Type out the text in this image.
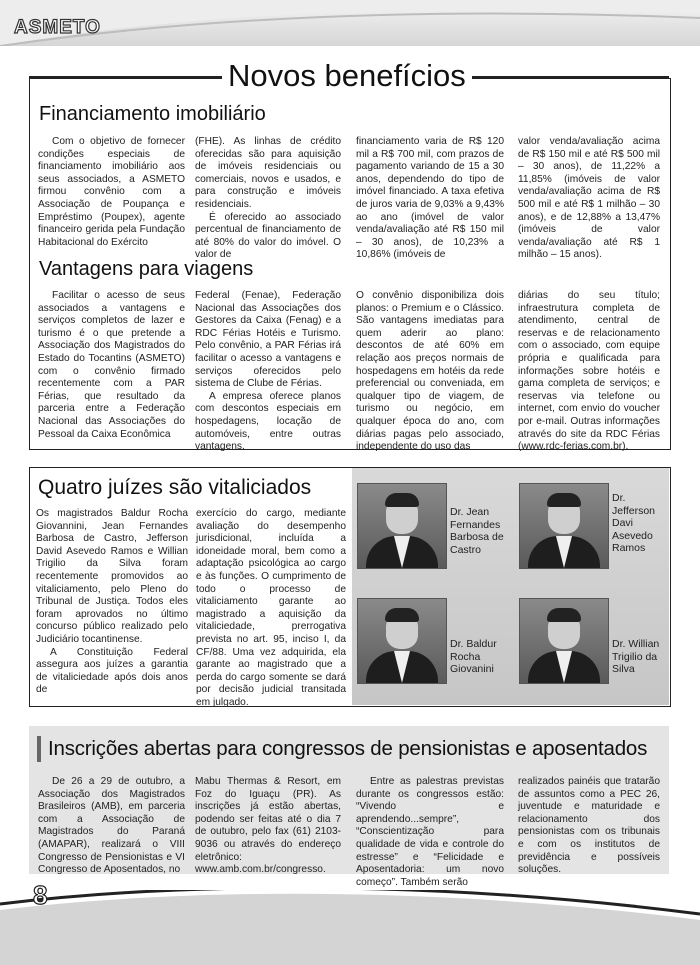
ASMETO
Novos benefícios
Financiamento imobiliário

Com o objetivo de fornecer condições especiais de financiamento imobiliário aos seus associados, a ASMETO firmou convênio com a Associação de Poupança e Empréstimo (Poupex), agente financeiro gerida pela Fundação Habitacional do Exército

(FHE). As linhas de crédito oferecidas são para aquisição de imóveis residenciais ou comerciais, novos e usados, e para construção e imóveis residenciais.

É oferecido ao associado percentual de financiamento de até 80% do valor do imóvel. O valor de

financiamento varia de R$ 120 mil a R$ 700 mil, com prazos de pagamento variando de 15 a 30 anos, dependendo do tipo de imóvel financiado. A taxa efetiva de juros varia de 9,03% a 9,43% ao ano (imóvel de valor venda/avaliação até R$ 150 mil – 30 anos), de 10,23% a 10,86% (imóveis de

valor venda/avaliação acima de R$ 150 mil e até R$ 500 mil – 30 anos), de 11,22% a 11,85% (imóveis de valor venda/avaliação acima de R$ 500 mil e até R$ 1 milhão – 30 anos), e de 12,88% a 13,47% (imóveis de valor venda/avaliação até R$ 1 milhão – 15 anos).

Vantagens para viagens

Facilitar o acesso de seus associados a vantagens e serviços completos de lazer e turismo é o que pretende a Associação dos Magistrados do Estado do Tocantins (ASMETO) com o convênio firmado recentemente com a PAR Férias, que resultado da parceria entre a Federação Nacional das Associações do Pessoal da Caixa Econômica

Federal (Fenae), Federação Nacional das Associações dos Gestores da Caixa (Fenag) e a RDC Férias Hotéis e Turismo. Pelo convênio, a PAR Férias irá facilitar o acesso a vantagens e serviços oferecidos pelo sistema de Clube de Férias.

A empresa oferece planos com descontos especiais em hospedagens, locação de automóveis, entre outras vantagens.

O convênio disponibiliza dois planos: o Premium e o Clássico. São vantagens imediatas para quem aderir ao plano: descontos de até 60% em relação aos preços normais de hospedagens em hotéis da rede preferencial ou conveniada, em qualquer tipo de viagem, de turismo ou negócio, em qualquer época do ano, com diárias pagas pelo associado, independente do uso das

diárias do seu título; infraestrutura completa de atendimento, central de reservas e de relacionamento com o associado, com equipe própria e qualificada para informações sobre hotéis e gama completa de serviços; e reservas via telefone ou internet, com envio do voucher por e-mail. Outras informações através do site da RDC Férias (www.rdc-ferias.com.br).

Quatro juízes são vitaliciados

Os magistrados Baldur Rocha Giovannini, Jean Fernandes Barbosa de Castro, Jefferson David Asevedo Ramos e Willian Trigilio da Silva foram recentemente promovidos ao vitaliciamento, pelo Pleno do Tribunal de Justiça. Todos eles foram aprovados no último concurso público realizado pelo Judiciário tocantinense.

A Constituição Federal assegura aos juízes a garantia de vitaliciedade após dois anos de

exercício do cargo, mediante avaliação do desempenho jurisdicional, incluída a idoneidade moral, bem como a adaptação psicológica ao cargo e às funções. O cumprimento de todo o processo de vitaliciamento garante ao magistrado a aquisição da vitaliciedade, prerrogativa prevista no art. 95, inciso I, da CF/88. Uma vez adquirida, ela garante ao magistrado que a perda do cargo somente se dará por decisão judicial transitada em julgado.

Dr. Jean
Fernandes
Barbosa de
Castro
Dr.
Jefferson
Davi
Asevedo
Ramos
Dr. Baldur
Rocha
Giovanini
Dr. Willian
Trigilio da
Silva
Inscrições abertas para congressos de pensionistas e aposentados

De 26 a 29 de outubro, a Associação dos Magistrados Brasileiros (AMB), em parceria com a Associação de Magistrados do Paraná (AMAPAR), realizará o VIII Congresso de Pensionistas e VI Congresso de Aposentados, no

Mabu Thermas & Resort, em Foz do Iguaçu (PR). As inscrições já estão abertas, podendo ser feitas até o dia 7 de outubro, pelo fax (61) 2103-9036 ou através do endereço eletrônico: www.amb.com.br/congresso.

Entre as palestras previstas durante os congressos estão: “Vivendo e aprendendo...sempre”, “Conscientização para qualidade de vida e controle do estresse” e “Felicidade e Aposentadoria: um novo começo”. Também serão

realizados painéis que tratarão de assuntos como a PEC 26, juventude e maturidade e relacionamento dos pensionistas com os tribunais e com os institutos de previdência e possíveis soluções.

8
